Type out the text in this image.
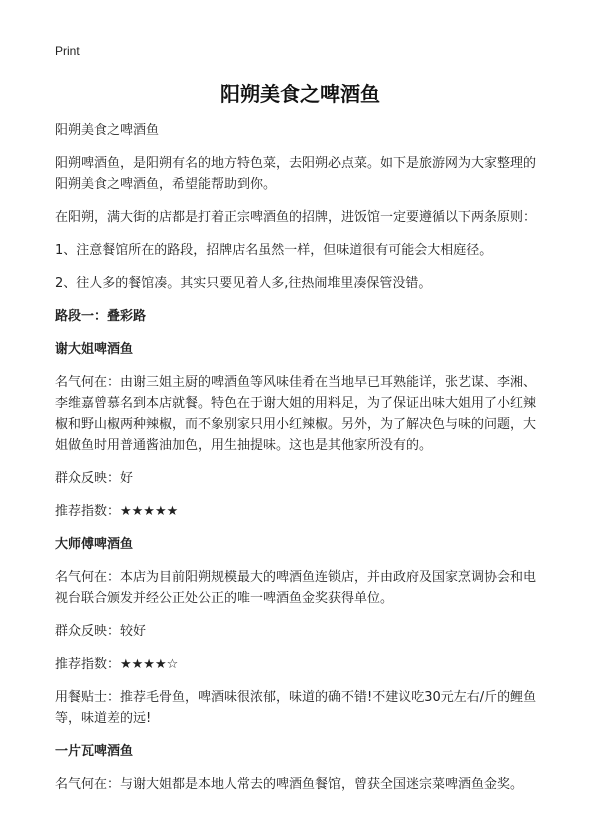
Print
阳朔美食之啤酒鱼

阳朔美食之啤酒鱼

阳朔啤酒鱼，是阳朔有名的地方特色菜，去阳朔必点菜。如下是旅游网为大家整理的阳朔美食之啤酒鱼，希望能帮助到你。

在阳朔，满大街的店都是打着正宗啤酒鱼的招牌，进饭馆一定要遵循以下两条原则：

1、注意餐馆所在的路段，招牌店名虽然一样，但味道很有可能会大相庭径。

2、往人多的餐馆凑。其实只要见着人多,往热闹堆里凑保管没错。

路段一：叠彩路

谢大姐啤酒鱼

名气何在：由谢三姐主厨的啤酒鱼等风味佳肴在当地早已耳熟能详，张艺谋、李湘、李维嘉曾慕名到本店就餐。特色在于谢大姐的用料足，为了保证出味大姐用了小红辣椒和野山椒两种辣椒，而不象别家只用小红辣椒。另外，为了解决色与味的问题，大姐做鱼时用普通酱油加色，用生抽提味。这也是其他家所没有的。

群众反映：好

推荐指数：★★★★★

大师傅啤酒鱼

名气何在：本店为目前阳朔规模最大的啤酒鱼连锁店，并由政府及国家烹调协会和电视台联合颁发并经公正处公正的唯一啤酒鱼金奖获得单位。

群众反映：较好

推荐指数：★★★★☆

用餐贴士：推荐毛骨鱼，啤酒味很浓郁，味道的确不错!不建议吃30元左右/斤的鲤鱼等，味道差的远!

一片瓦啤酒鱼

名气何在：与谢大姐都是本地人常去的啤酒鱼餐馆，曾获全国迷宗菜啤酒鱼金奖。
